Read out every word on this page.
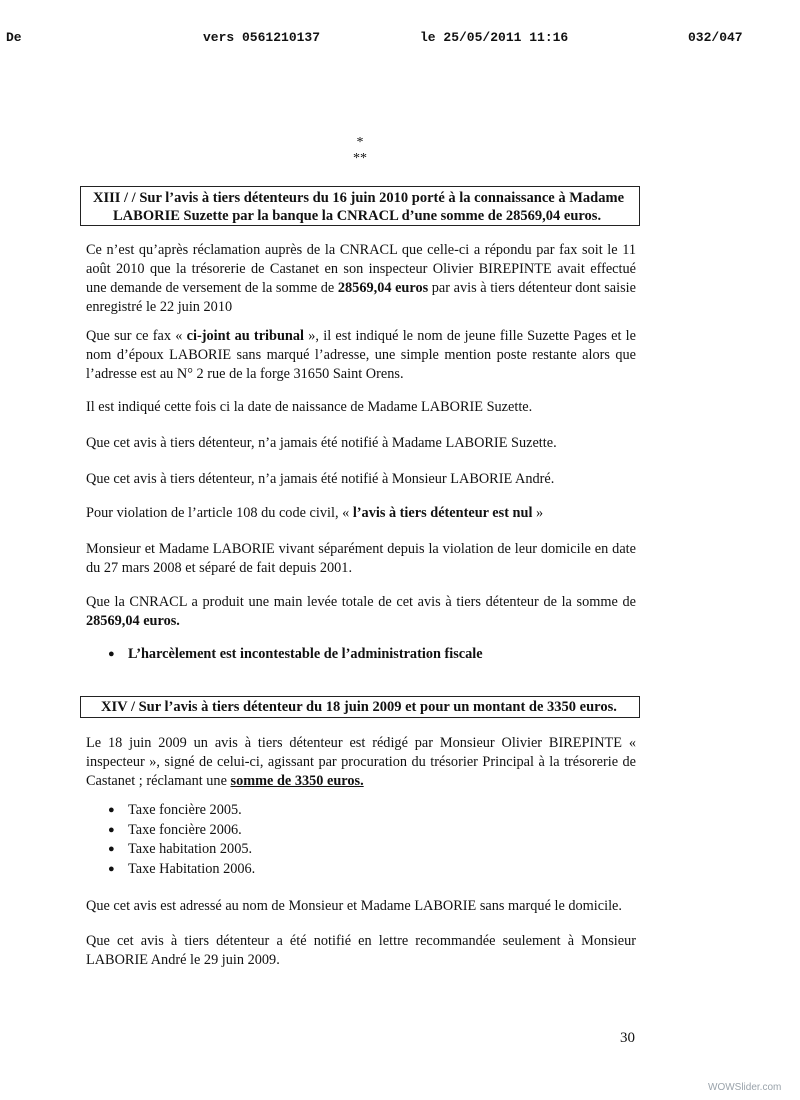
De	vers 0561210137	le 25/05/2011 11:16	032/047
*
**
XIII / / Sur l’avis à tiers détenteurs du 16 juin 2010 porté à la connaissance à Madame
LABORIE Suzette par la banque la CNRACL d’une somme de 28569,04 euros.
Ce n’est qu’après réclamation auprès de la CNRACL que celle-ci a répondu par fax soit le 11 août 2010 que la trésorerie de Castanet en son inspecteur Olivier BIREPINTE avait effectué une demande de versement de la somme de 28569,04 euros par avis à tiers détenteur dont saisie enregistré le 22 juin 2010
Que sur ce fax « ci-joint au tribunal », il est indiqué le nom de jeune fille Suzette Pages et le nom d’époux LABORIE sans marqué l’adresse, une simple mention poste restante alors que l’adresse est au N° 2 rue de la forge 31650 Saint Orens.
Il est indiqué cette fois ci la date de naissance de Madame LABORIE Suzette.
Que cet avis à tiers détenteur, n’a jamais été notifié à Madame LABORIE Suzette.
Que cet avis à tiers détenteur, n’a jamais été notifié à Monsieur LABORIE André.
Pour violation de l’article 108 du code civil, « l’avis à tiers détenteur est nul »
Monsieur et Madame LABORIE vivant séparément depuis la violation de leur domicile en date du 27 mars 2008 et séparé de fait depuis 2001.
Que la CNRACL a produit une main levée totale de cet avis à tiers détenteur de la somme de 28569,04 euros.
● L’harcèlement est incontestable de l’administration fiscale
XIV / Sur l’avis à tiers détenteur du 18 juin 2009 et pour un montant de 3350 euros.
Le 18 juin 2009 un avis à tiers détenteur est rédigé par Monsieur Olivier BIREPINTE « inspecteur », signé de celui-ci, agissant par procuration du trésorier Principal à la trésorerie de Castanet ; réclamant une somme de 3350 euros.
● Taxe foncière 2005.
● Taxe foncière 2006.
● Taxe habitation 2005.
● Taxe Habitation 2006.
Que cet avis est adressé au nom de Monsieur et Madame LABORIE sans marqué le domicile.
Que cet avis à tiers détenteur a été notifié en lettre recommandée seulement à Monsieur LABORIE André le 29 juin 2009.
30
WOWSlider.com
